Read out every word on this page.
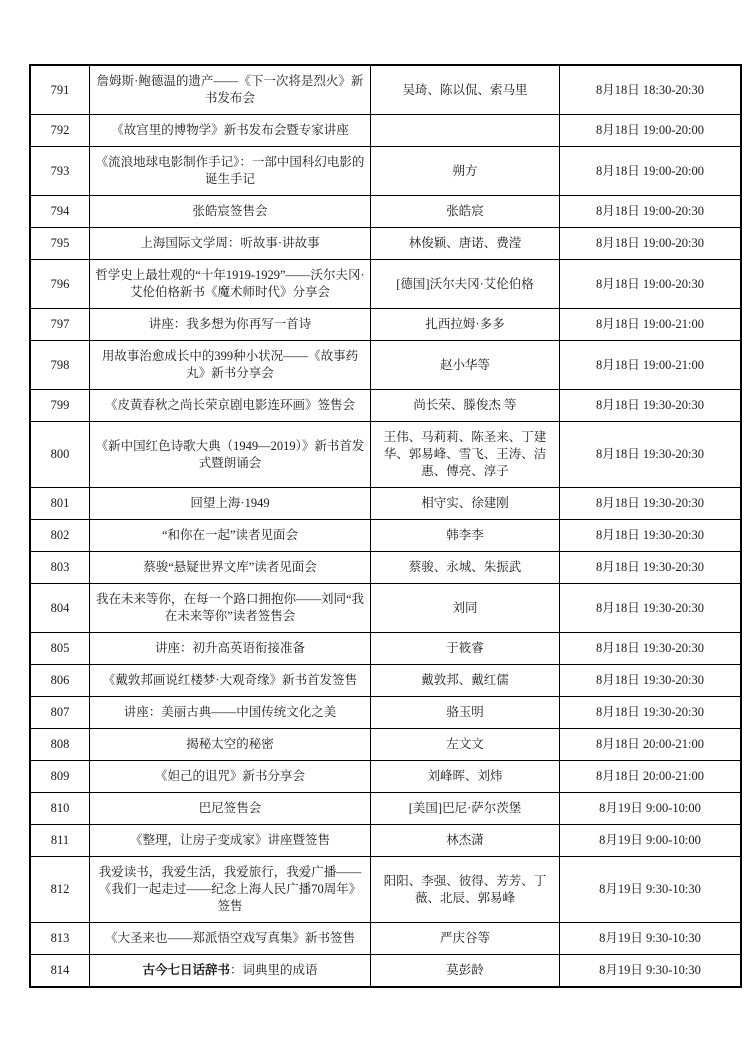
791	詹姆斯·鲍德温的遗产——《下一次将是烈火》新书发布会	吴琦、陈以侃、索马里	8月18日 18:30-20:30
792	《故宫里的博物学》新书发布会暨专家讲座		8月18日 19:00-20:00
793	《流浪地球电影制作手记》：一部中国科幻电影的诞生手记	朔方	8月18日 19:00-20:00
794	张皓宸签售会	张皓宸	8月18日 19:00-20:30
795	上海国际文学周：听故事·讲故事	林俊颖、唐诺、费滢	8月18日 19:00-20:30
796	哲学史上最壮观的“十年1919-1929”——沃尔夫冈·艾伦伯格新书《魔术师时代》分享会	[德国]沃尔夫冈·艾伦伯格	8月18日 19:00-20:30
797	讲座：我多想为你再写一首诗	扎西拉姆·多多	8月18日 19:00-21:00
798	用故事治愈成长中的399种小状况——《故事药丸》新书分享会	赵小华等	8月18日 19:00-21:00
799	《皮黄春秋之尚长荣京剧电影连环画》签售会	尚长荣、滕俊杰 等	8月18日 19:30-20:30
800	《新中国红色诗歌大典（1949—2019）》新书首发式暨朗诵会	王伟、马莉莉、陈圣来、丁建华、郭易峰、雪飞、王涛、洁惠、傅亮、淳子	8月18日 19:30-20:30
801	回望上海·1949	相守实、徐建刚	8月18日 19:30-20:30
802	“和你在一起”读者见面会	韩李李	8月18日 19:30-20:30
803	蔡骏“悬疑世界文库”读者见面会	蔡骏、永城、朱振武	8月18日 19:30-20:30
804	我在未来等你，在每一个路口拥抱你——刘同“我在未来等你”读者签售会	刘同	8月18日 19:30-20:30
805	讲座：初升高英语衔接准备	于筱睿	8月18日 19:30-20:30
806	《戴敦邦画说红楼梦·大观奇缘》新书首发签售	戴敦邦、戴红儒	8月18日 19:30-20:30
807	讲座：美丽古典——中国传统文化之美	骆玉明	8月18日 19:30-20:30
808	揭秘太空的秘密	左文文	8月18日 20:00-21:00
809	《妲己的诅咒》新书分享会	刘峰晖、刘炜	8月18日 20:00-21:00
810	巴尼签售会	[美国]巴尼·萨尔茨堡	8月19日 9:00-10:00
811	《整理，让房子变成家》讲座暨签售	林杰潇	8月19日 9:00-10:00
812	我爱读书，我爱生活，我爱旅行，我爱广播——《我们一起走过——纪念上海人民广播70周年》签售	阳阳、李强、彼得、芳芳、丁薇、北辰、郭易峰	8月19日 9:30-10:30
813	《大圣来也——郑派悟空戏写真集》新书签售	严庆谷等	8月19日 9:30-10:30
814	古今七日话辞书：词典里的成语	莫彭龄	8月19日 9:30-10:30
